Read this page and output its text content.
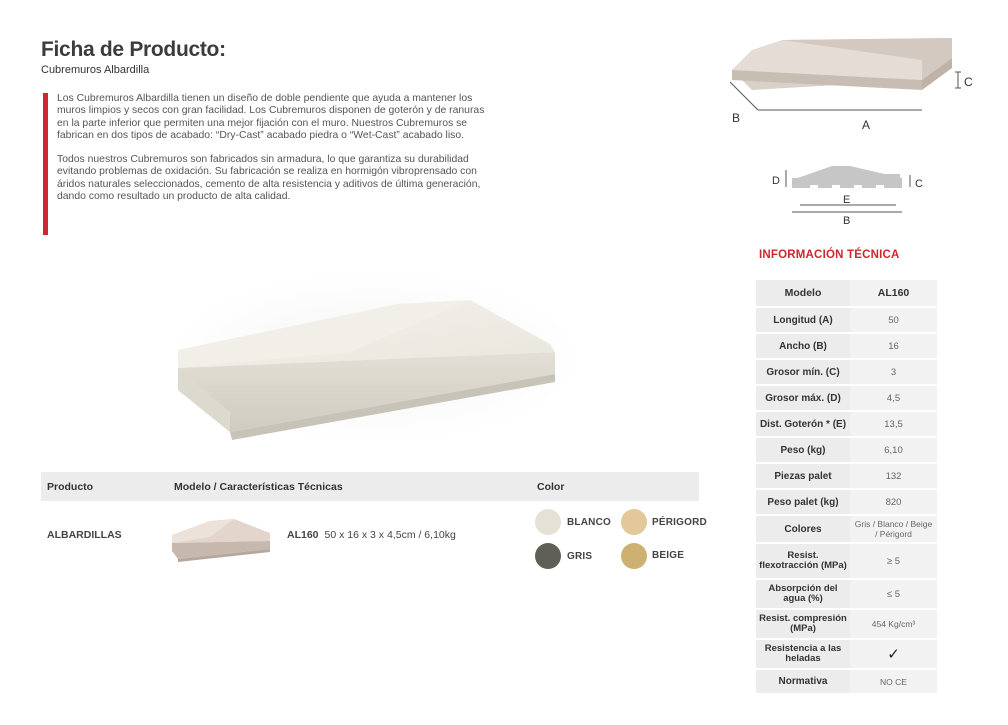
Ficha de Producto:
Cubremuros Albardilla

Los Cubremuros Albardilla tienen un diseño de doble pendiente que ayuda a mantener los muros limpios y secos con gran facilidad. Los Cubremuros disponen de goterón y de ranuras en la parte inferior que permiten una mejor fijación con el muro. Nuestros Cubremuros se fabrican en dos tipos de acabado: “Dry-Cast” acabado piedra o “Wet-Cast” acabado liso.

Todos nuestros Cubremuros son fabricados sin armadura, lo que garantiza su durabilidad evitando problemas de oxidación. Su fabricación se realiza en hormigón vibroprensado con áridos naturales seleccionados, cemento de alta resistencia y aditivos de última generación, dando como resultado un producto de alta calidad.

C
B	A
D	C
E
B
INFORMACIÓN TÉCNICA
Modelo	AL160
Longitud (A)	50
Ancho (B)	16
Grosor mín. (C)	3
Grosor máx. (D)	4,5
Dist. Goterón * (E)	13,5
Peso (kg)	6,10
Piezas palet	132
Peso palet (kg)	820
Colores	Gris / Blanco / Beige / Périgord
Resist. flexotracción (MPa)	≥ 5
Absorpción del agua (%)	≤ 5
Resist. compresión (MPa)	454 Kg/cm³
Resistencia a las heladas	✓
Normativa	NO CE
Producto	Modelo / Características Técnicas	Color
ALBARDILLAS	AL160 50 x 16 x 3 x 4,5cm / 6,10kg
BLANCO	PÉRIGORD
GRIS	BEIGE
